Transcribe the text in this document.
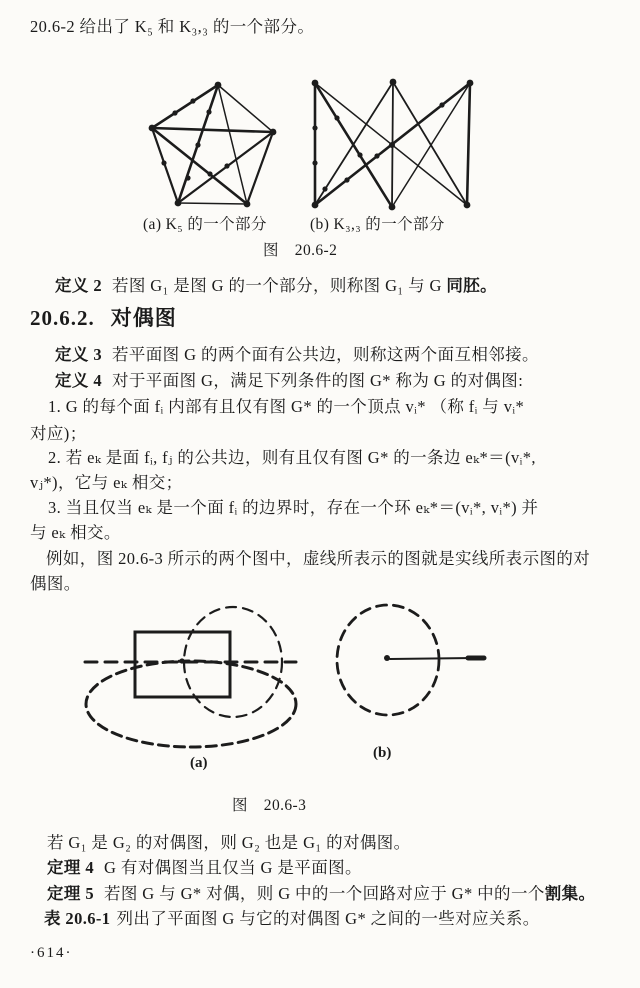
20.6-2 给出了 K₅ 和 K₃,₃ 的一个部分。
(a) K₅ 的一个部分	(b) K₃,₃ 的一个部分
图　20.6-2
定义 2 若图 G₁ 是图 G 的一个部分，则称图 G₁ 与 G 同胚。
20.6.2. 对偶图
定义 3 若平面图 G 的两个面有公共边，则称这两个面互相邻接。
定义 4 对于平面图 G，满足下列条件的图 G* 称为 G 的对偶图:
1. G 的每个面 fᵢ 内部有且仅有图 G* 的一个顶点 vᵢ* （称 fᵢ 与 vᵢ*
对应)；
2. 若 eₖ 是面 fᵢ, fⱼ 的公共边，则有且仅有图 G* 的一条边 eₖ*＝(vᵢ*,
vⱼ*)，它与 eₖ 相交；
3. 当且仅当 eₖ 是一个面 fᵢ 的边界时，存在一个环 eₖ*＝(vᵢ*, vᵢ*) 并
与 eₖ 相交。
例如，图 20.6-3 所示的两个图中，虚线所表示的图就是实线所表示图的对
偶图。
(a)
(b)
图　20.6-3
若 G₁ 是 G₂ 的对偶图，则 G₂ 也是 G₁ 的对偶图。
定理 4 G 有对偶图当且仅当 G 是平面图。
定理 5 若图 G 与 G* 对偶，则 G 中的一个回路对应于 G* 中的一个割集。
表 20.6-1 列出了平面图 G 与它的对偶图 G* 之间的一些对应关系。
·614·
